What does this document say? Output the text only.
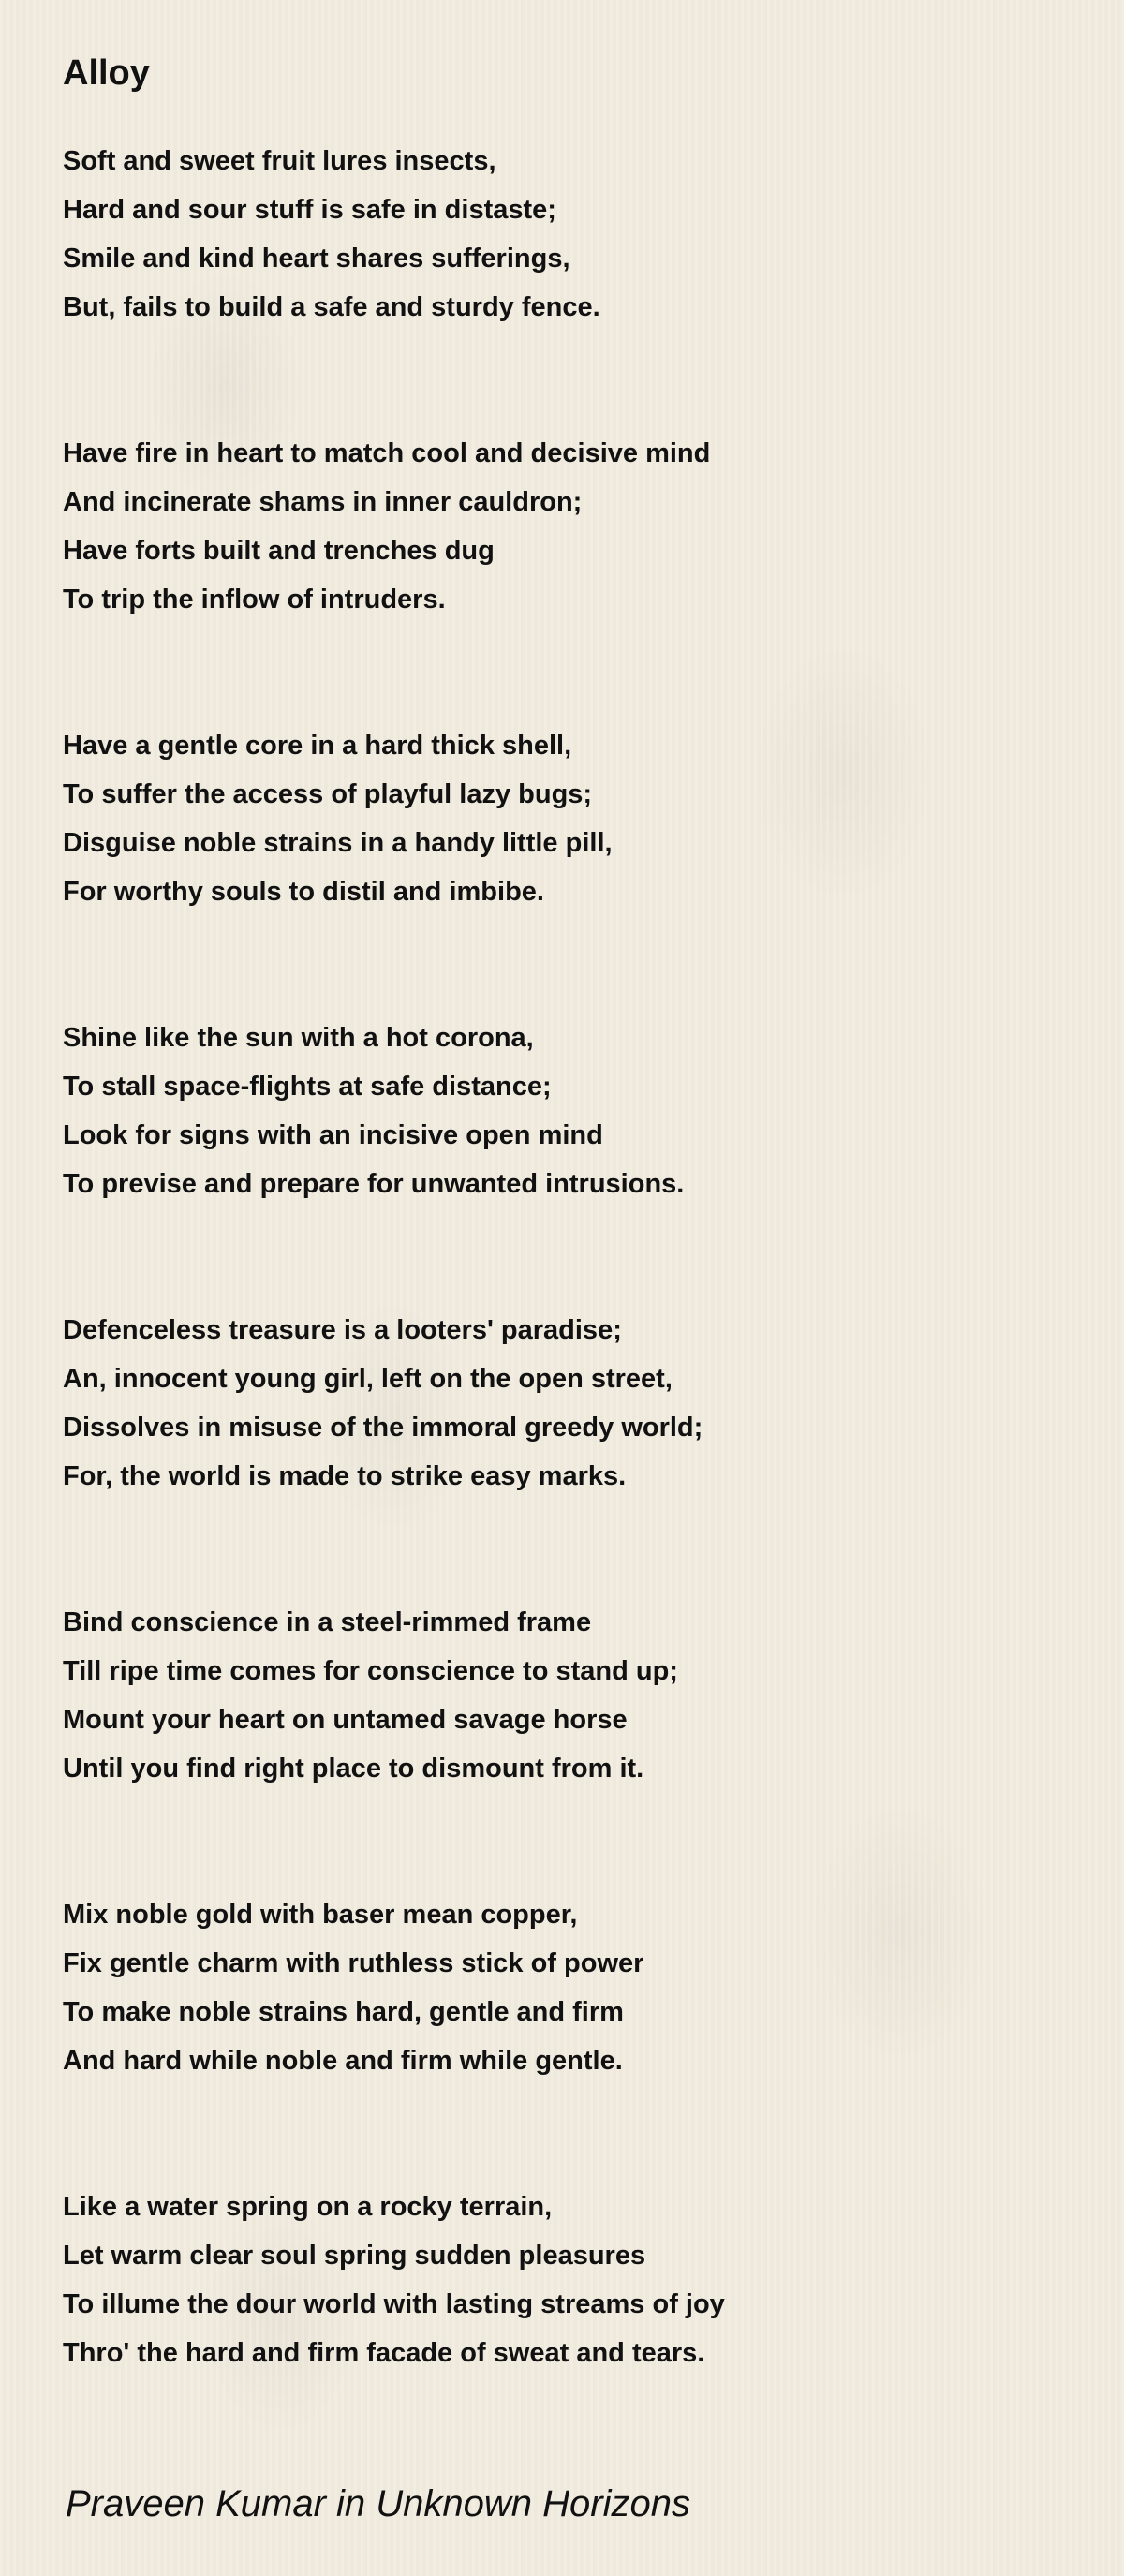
Alloy
Soft and sweet fruit lures insects,
Hard and sour stuff is safe in distaste;
Smile and kind heart shares sufferings,
But, fails to build a safe and sturdy fence.
Have fire in heart to match cool and decisive mind
And incinerate shams in inner cauldron;
Have forts built and trenches dug
To trip the inflow of intruders.
Have a gentle core in a hard thick shell,
To suffer the access of playful lazy bugs;
Disguise noble strains in a handy little pill,
For worthy souls to distil and imbibe.
Shine like the sun with a hot corona,
To stall space-flights at safe distance;
Look for signs with an incisive open mind
To previse and prepare for unwanted intrusions.
Defenceless treasure is a looters' paradise;
An, innocent young girl, left on the open street,
Dissolves in misuse of the immoral greedy world;
For, the world is made to strike easy marks.
Bind conscience in a steel-rimmed frame
Till ripe time comes for conscience to stand up;
Mount your heart on untamed savage horse
Until you find right place to dismount from it.
Mix noble gold with baser mean copper,
Fix gentle charm with ruthless stick of power
To make noble strains hard, gentle and firm
And hard while noble and firm while gentle.
Like a water spring on a rocky terrain,
Let warm clear soul spring sudden pleasures
To illume the dour world with lasting streams of joy
Thro' the hard and firm facade of sweat and tears.
Praveen Kumar in Unknown Horizons
